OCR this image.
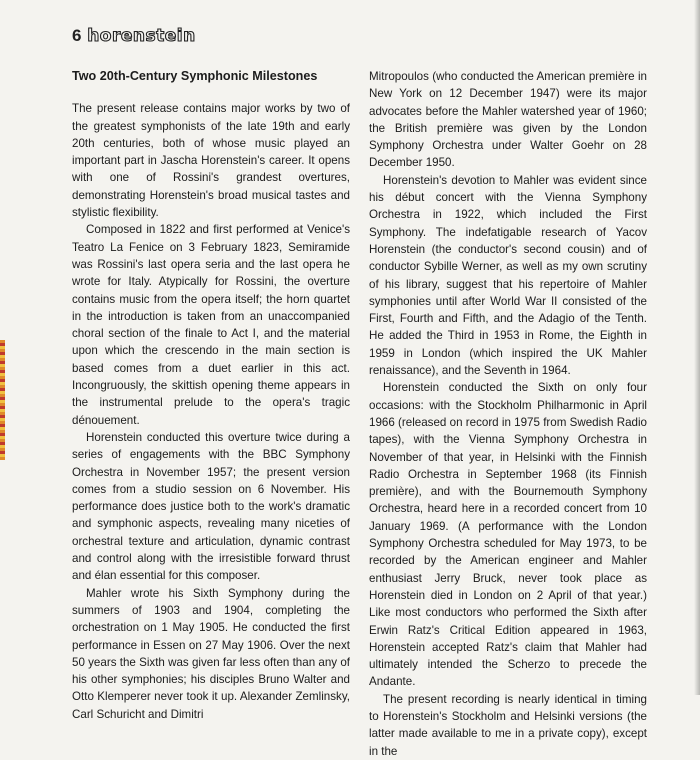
6 horenstein
Two 20th-Century Symphonic Milestones

The present release contains major works by two of the greatest symphonists of the late 19th and early 20th centuries, both of whose music played an important part in Jascha Horenstein's career. It opens with one of Rossini's grandest overtures, demonstrating Horenstein's broad musical tastes and stylistic flexibility.

Composed in 1822 and first performed at Venice's Teatro La Fenice on 3 February 1823, Semiramide was Rossini's last opera seria and the last opera he wrote for Italy. Atypically for Rossini, the overture contains music from the opera itself; the horn quartet in the introduction is taken from an unaccompanied choral section of the finale to Act I, and the material upon which the crescendo in the main section is based comes from a duet earlier in this act. Incongruously, the skittish opening theme appears in the instrumental prelude to the opera's tragic dénouement.

Horenstein conducted this overture twice during a series of engagements with the BBC Symphony Orchestra in November 1957; the present version comes from a studio session on 6 November. His performance does justice both to the work's dramatic and symphonic aspects, revealing many niceties of orchestral texture and articulation, dynamic contrast and control along with the irresistible forward thrust and élan essential for this composer.

Mahler wrote his Sixth Symphony during the summers of 1903 and 1904, completing the orchestration on 1 May 1905. He conducted the first performance in Essen on 27 May 1906. Over the next 50 years the Sixth was given far less often than any of his other symphonies; his disciples Bruno Walter and Otto Klemperer never took it up. Alexander Zemlinsky, Carl Schuricht and Dimitri

Mitropoulos (who conducted the American première in New York on 12 December 1947) were its major advocates before the Mahler watershed year of 1960; the British première was given by the London Symphony Orchestra under Walter Goehr on 28 December 1950.

Horenstein's devotion to Mahler was evident since his début concert with the Vienna Symphony Orchestra in 1922, which included the First Symphony. The indefatigable research of Yacov Horenstein (the conductor's second cousin) and of conductor Sybille Werner, as well as my own scrutiny of his library, suggest that his repertoire of Mahler symphonies until after World War II consisted of the First, Fourth and Fifth, and the Adagio of the Tenth. He added the Third in 1953 in Rome, the Eighth in 1959 in London (which inspired the UK Mahler renaissance), and the Seventh in 1964.

Horenstein conducted the Sixth on only four occasions: with the Stockholm Philharmonic in April 1966 (released on record in 1975 from Swedish Radio tapes), with the Vienna Symphony Orchestra in November of that year, in Helsinki with the Finnish Radio Orchestra in September 1968 (its Finnish première), and with the Bournemouth Symphony Orchestra, heard here in a recorded concert from 10 January 1969. (A performance with the London Symphony Orchestra scheduled for May 1973, to be recorded by the American engineer and Mahler enthusiast Jerry Bruck, never took place as Horenstein died in London on 2 April of that year.) Like most conductors who performed the Sixth after Erwin Ratz's Critical Edition appeared in 1963, Horenstein accepted Ratz's claim that Mahler had ultimately intended the Scherzo to precede the Andante.

The present recording is nearly identical in timing to Horenstein's Stockholm and Helsinki versions (the latter made available to me in a private copy), except in the
